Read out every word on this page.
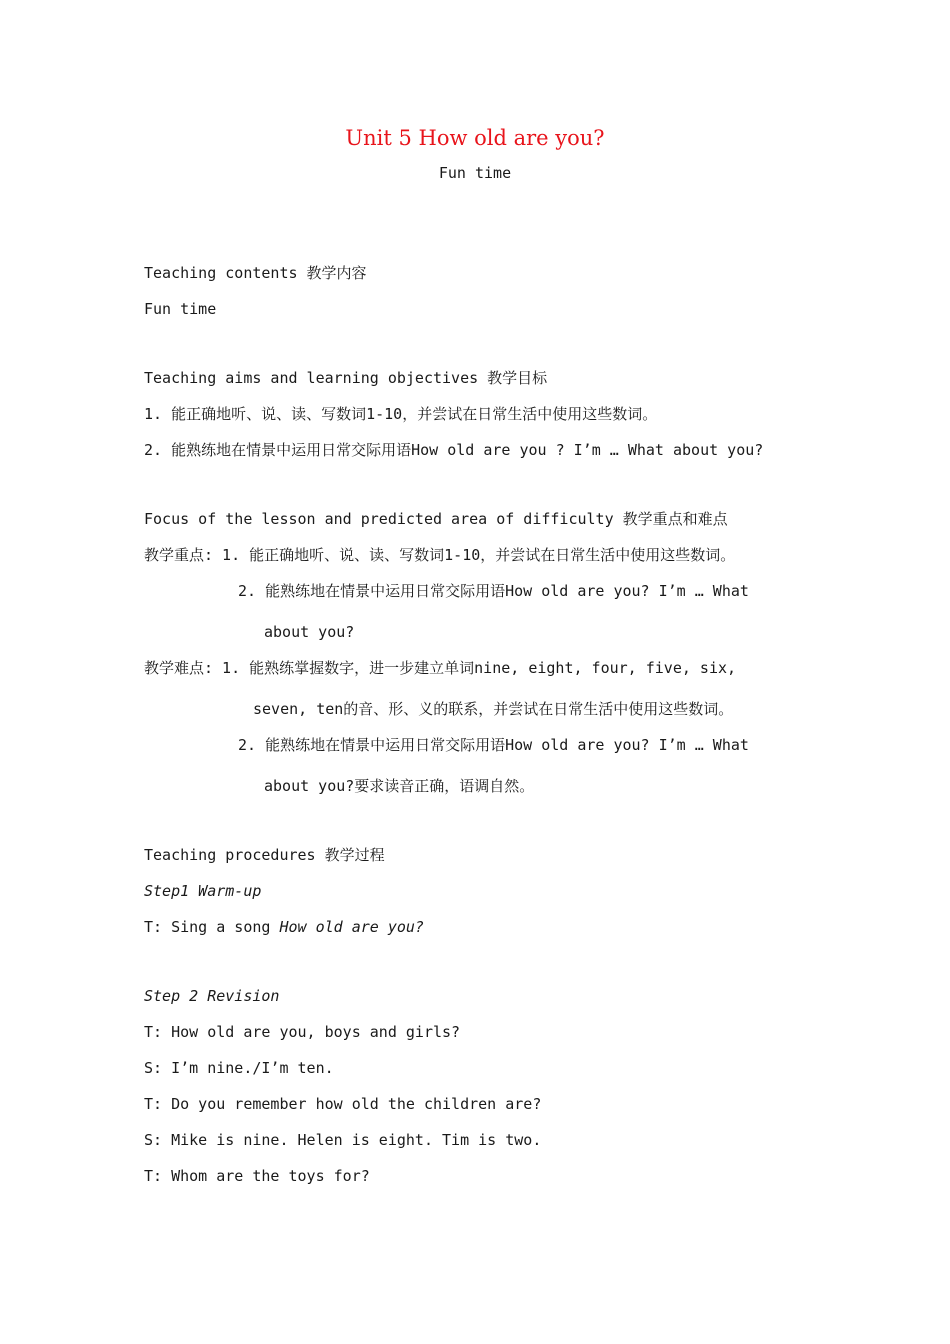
Unit 5 How old are you?
Fun time
Teaching contents 教学内容
Fun time
Teaching aims and learning objectives 教学目标
1. 能正确地听、说、读、写数词1-10，并尝试在日常生活中使用这些数词。
2. 能熟练地在情景中运用日常交际用语How old are you ? I’m … What about you?
Focus of the lesson and predicted area of difficulty 教学重点和难点
教学重点: 1. 能正确地听、说、读、写数词1-10，并尝试在日常生活中使用这些数词。
2. 能熟练地在情景中运用日常交际用语How old are you? I’m … What
about you?
教学难点: 1. 能熟练掌握数字，进一步建立单词nine, eight, four, five, six,
seven, ten的音、形、义的联系，并尝试在日常生活中使用这些数词。
2. 能熟练地在情景中运用日常交际用语How old are you? I’m … What
about you?要求读音正确，语调自然。
Teaching procedures 教学过程
Step1 Warm-up
T: Sing a song How old are you?
Step 2 Revision
T: How old are you, boys and girls?
S: I’m nine./I’m ten.
T: Do you remember how old the children are?
S: Mike is nine. Helen is eight. Tim is two.
T: Whom are the toys for?
